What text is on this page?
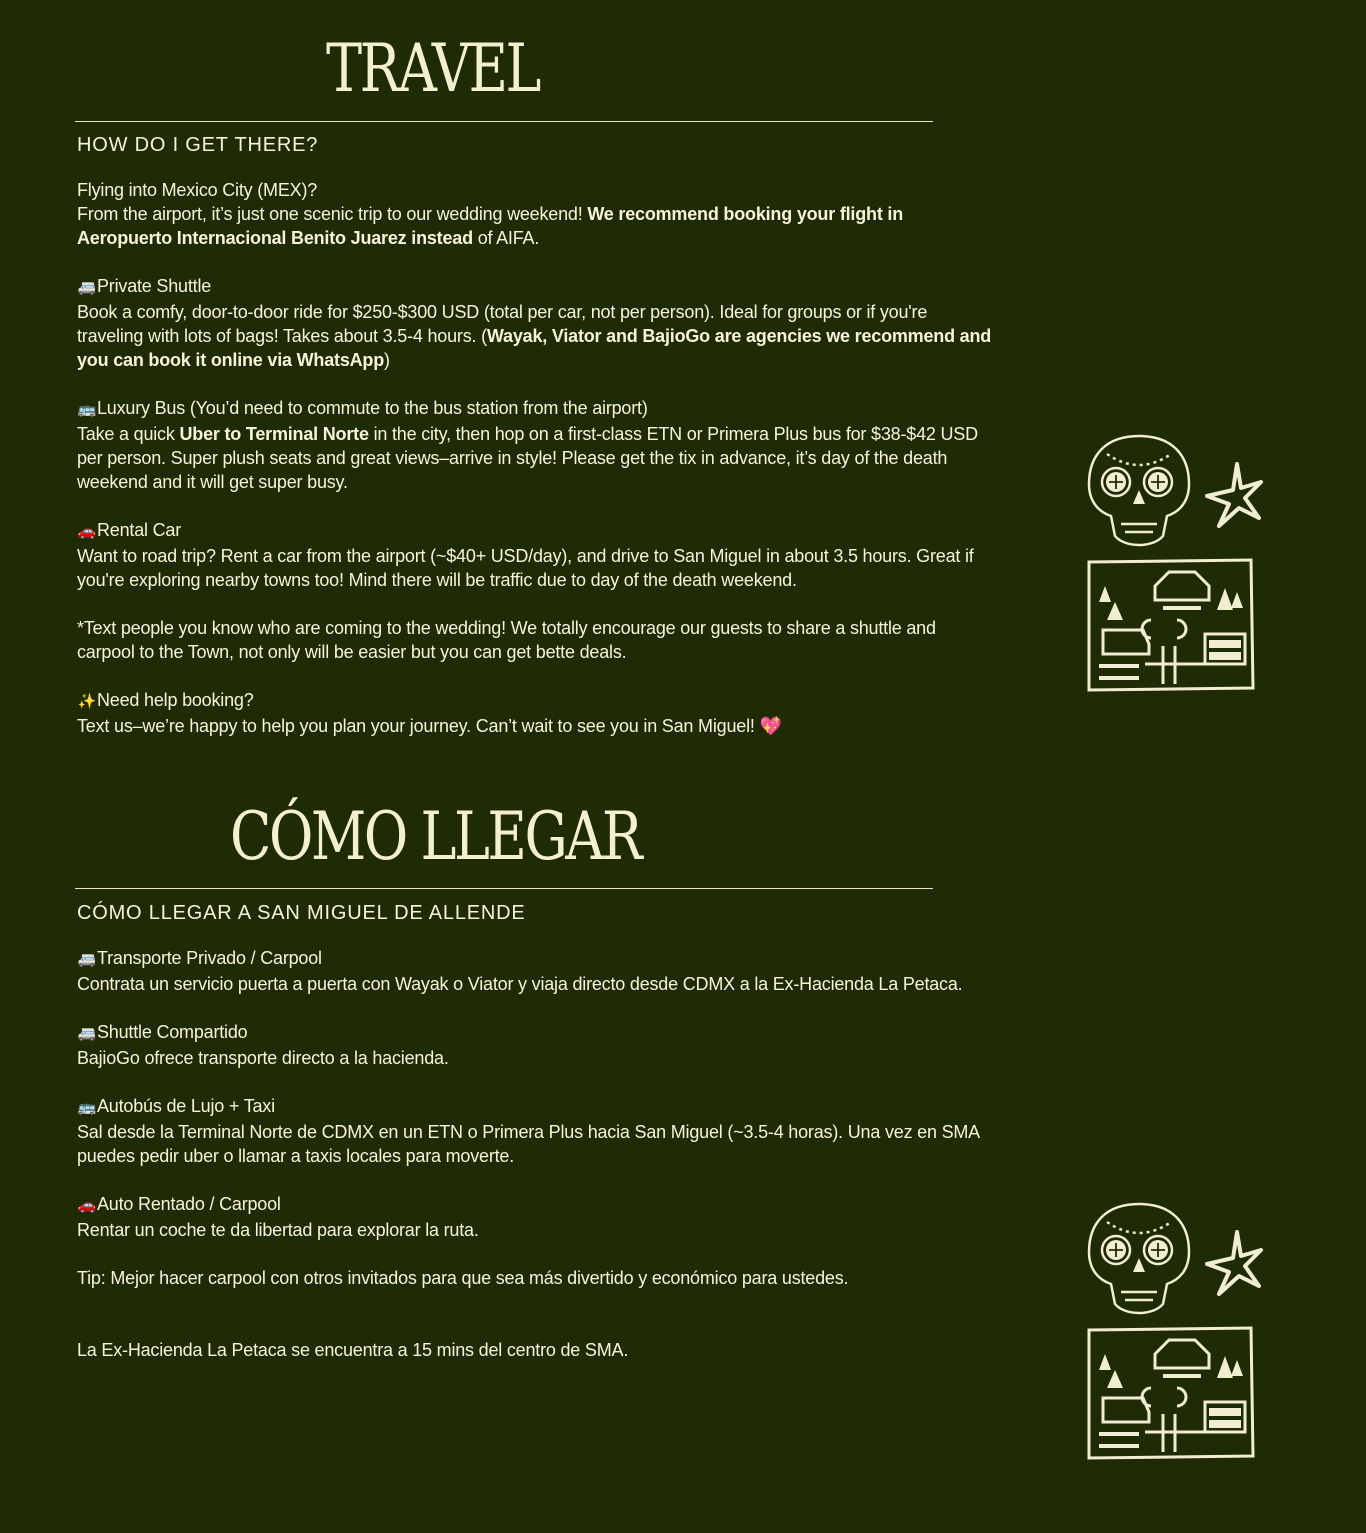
TRAVEL
HOW DO I GET THERE?

Flying into Mexico City (MEX)?
From the airport, it’s just one scenic trip to our wedding weekend! We recommend booking your flight in Aeropuerto Internacional Benito Juarez instead of AIFA.

🚐Private Shuttle
Book a comfy, door-to-door ride for $250-$300 USD (total per car, not per person). Ideal for groups or if you're traveling with lots of bags! Takes about 3.5-4 hours. (Wayak, Viator and BajioGo are agencies we recommend and you can book it online via WhatsApp)

🚌Luxury Bus (You’d need to commute to the bus station from the airport)
Take a quick Uber to Terminal Norte in the city, then hop on a first-class ETN or Primera Plus bus for $38-$42 USD per person. Super plush seats and great views–arrive in style! Please get the tix in advance, it’s day of the death weekend and it will get super busy.

🚗Rental Car
Want to road trip? Rent a car from the airport (~$40+ USD/day), and drive to San Miguel in about 3.5 hours. Great if you're exploring nearby towns too! Mind there will be traffic due to day of the death weekend.

*Text people you know who are coming to the wedding! We totally encourage our guests to share a shuttle and carpool to the Town, not only will be easier but you can get bette deals.

✨Need help booking?
Text us–we’re happy to help you plan your journey. Can’t wait to see you in San Miguel! 💖

CÓMO LLEGAR
CÓMO LLEGAR A SAN MIGUEL DE ALLENDE

🚐Transporte Privado / Carpool
Contrata un servicio puerta a puerta con Wayak o Viator y viaja directo desde CDMX a la Ex-Hacienda La Petaca.

🚐Shuttle Compartido
BajioGo ofrece transporte directo a la hacienda.

🚌Autobús de Lujo + Taxi
Sal desde la Terminal Norte de CDMX en un ETN o Primera Plus hacia San Miguel (~3.5-4 horas). Una vez en SMA puedes pedir uber o llamar a taxis locales para moverte.

🚗Auto Rentado / Carpool
Rentar un coche te da libertad para explorar la ruta.

Tip: Mejor hacer carpool con otros invitados para que sea más divertido y económico para ustedes.

La Ex-Hacienda La Petaca se encuentra a 15 mins del centro de SMA.
